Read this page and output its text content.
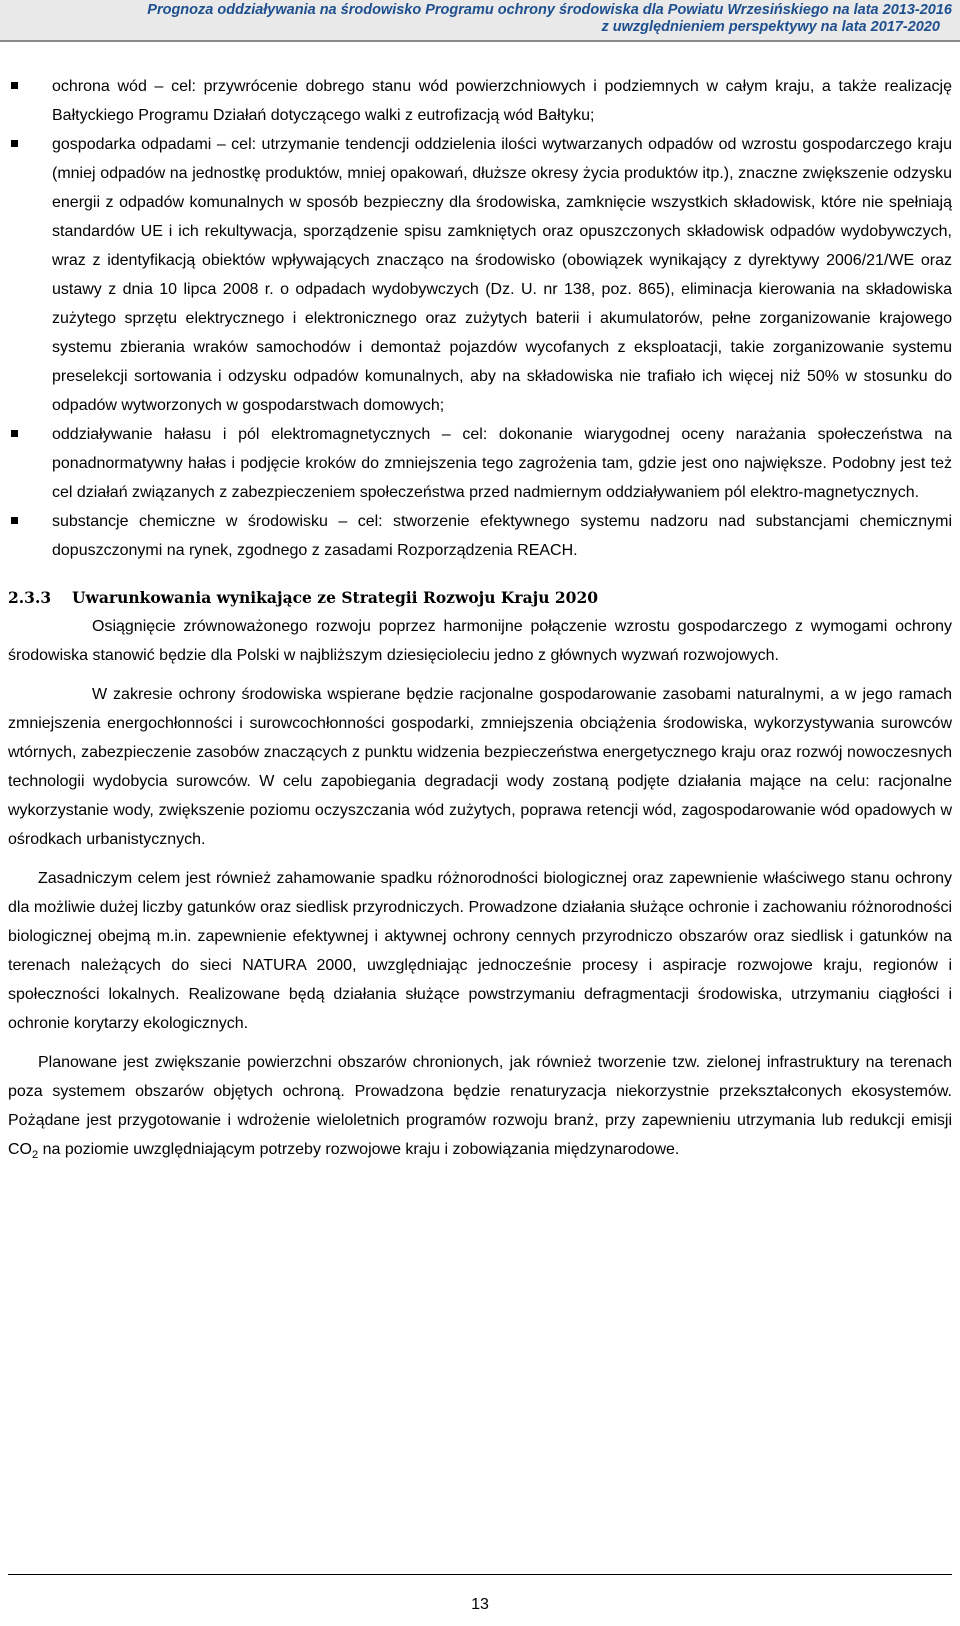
Prognoza oddziaływania na środowisko Programu ochrony środowiska dla Powiatu Wrzesińskiego na lata 2013-2016
z uwzględnieniem perspektywy na lata 2017-2020
ochrona wód – cel: przywrócenie dobrego stanu wód powierzchniowych i podziemnych w całym kraju, a także realizację Bałtyckiego Programu Działań dotyczącego walki z eutrofizacją wód Bałtyku;
gospodarka odpadami – cel: utrzymanie tendencji oddzielenia ilości wytwarzanych odpadów od wzrostu gospodarczego kraju (mniej odpadów na jednostkę produktów, mniej opakowań, dłuższe okresy życia produktów itp.), znaczne zwiększenie odzysku energii z odpadów komunalnych w sposób bezpieczny dla środowiska, zamknięcie wszystkich składowisk, które nie spełniają standardów UE i ich rekultywacja, sporządzenie spisu zamkniętych oraz opuszczonych składowisk odpadów wydobywczych, wraz z identyfikacją obiektów wpływających znacząco na środowisko (obowiązek wynikający z dyrektywy 2006/21/WE oraz ustawy z dnia 10 lipca 2008 r. o odpadach wydobywczych (Dz. U. nr 138, poz. 865), eliminacja kierowania na składowiska zużytego sprzętu elektrycznego i elektronicznego oraz zużytych baterii i akumulatorów, pełne zorganizowanie krajowego systemu zbierania wraków samochodów i demontaż pojazdów wycofanych z eksploatacji, takie zorganizowanie systemu preselekcji sortowania i odzysku odpadów komunalnych, aby na składowiska nie trafiało ich więcej niż 50% w stosunku do odpadów wytworzonych w gospodarstwach domowych;
oddziaływanie hałasu i pól elektromagnetycznych – cel: dokonanie wiarygodnej oceny narażania społeczeństwa na ponadnormatywny hałas i podjęcie kroków do zmniejszenia tego zagrożenia tam, gdzie jest ono największe. Podobny jest też cel działań związanych z zabezpieczeniem społeczeństwa przed nadmiernym oddziaływaniem pól elektro-magnetycznych.
substancje chemiczne w środowisku – cel: stworzenie efektywnego systemu nadzoru nad substancjami chemicznymi dopuszczonymi na rynek, zgodnego z zasadami Rozporządzenia REACH.
2.3.3 Uwarunkowania wynikające ze Strategii Rozwoju Kraju 2020

Osiągnięcie zrównoważonego rozwoju poprzez harmonijne połączenie wzrostu gospodarczego z wymogami ochrony środowiska stanowić będzie dla Polski w najbliższym dziesięcioleciu jedno z głównych wyzwań rozwojowych.

W zakresie ochrony środowiska wspierane będzie racjonalne gospodarowanie zasobami naturalnymi, a w jego ramach zmniejszenia energochłonności i surowcochłonności gospodarki, zmniejszenia obciążenia środowiska, wykorzystywania surowców wtórnych, zabezpieczenie zasobów znaczących z punktu widzenia bezpieczeństwa energetycznego kraju oraz rozwój nowoczesnych technologii wydobycia surowców. W celu zapobiegania degradacji wody zostaną podjęte działania mające na celu: racjonalne wykorzystanie wody, zwiększenie poziomu oczyszczania wód zużytych, poprawa retencji wód, zagospodarowanie wód opadowych w ośrodkach urbanistycznych.

Zasadniczym celem jest również zahamowanie spadku różnorodności biologicznej oraz zapewnienie właściwego stanu ochrony dla możliwie dużej liczby gatunków oraz siedlisk przyrodniczych. Prowadzone działania służące ochronie i zachowaniu różnorodności biologicznej obejmą m.in. zapewnienie efektywnej i aktywnej ochrony cennych przyrodniczo obszarów oraz siedlisk i gatunków na terenach należących do sieci NATURA 2000, uwzględniając jednocześnie procesy i aspiracje rozwojowe kraju, regionów i społeczności lokalnych. Realizowane będą działania służące powstrzymaniu defragmentacji środowiska, utrzymaniu ciągłości i ochronie korytarzy ekologicznych.

Planowane jest zwiększanie powierzchni obszarów chronionych, jak również tworzenie tzw. zielonej infrastruktury na terenach poza systemem obszarów objętych ochroną. Prowadzona będzie renaturyzacja niekorzystnie przekształconych ekosystemów. Pożądane jest przygotowanie i wdrożenie wieloletnich programów rozwoju branż, przy zapewnieniu utrzymania lub redukcji emisji $CO_2$ na poziomie uwzględniającym potrzeby rozwojowe kraju i zobowiązania międzynarodowe.

13
